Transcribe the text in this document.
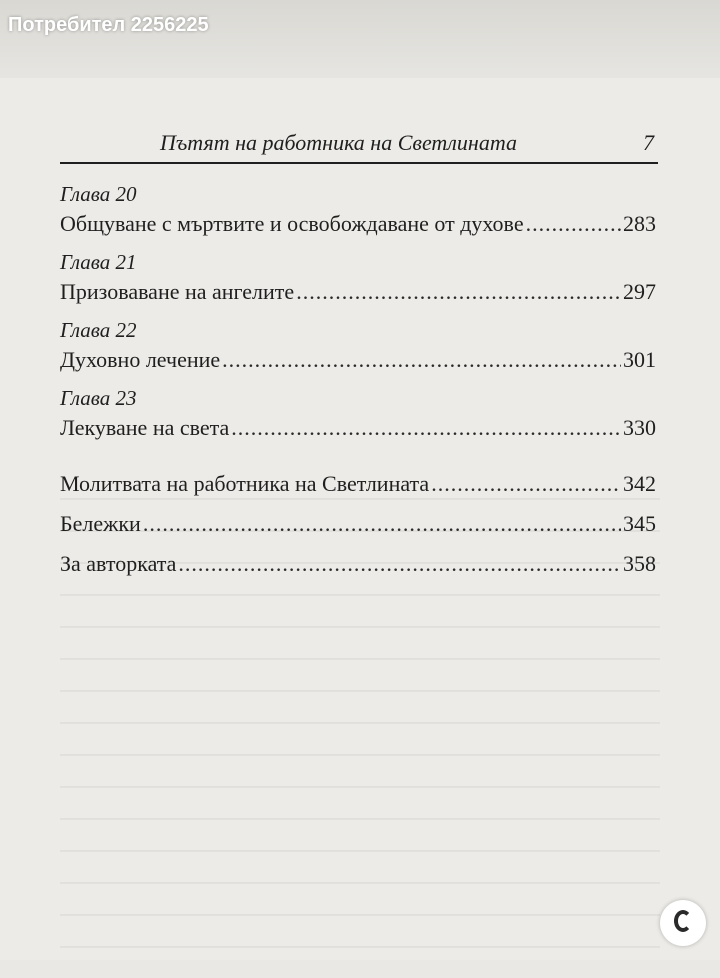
Потребител 2256225
Пътят на работника на Светлината	7
Глава 20
Общуване с мъртвите и освобождаване от духове .....	283
Глава 21
Призоваване на ангелите .....	297
Глава 22
Духовно лечение .....	301
Глава 23
Лекуване на света .....	330
Молитвата на работника на Светлината .....	342
Бележки .....	345
За авторката .....	358
